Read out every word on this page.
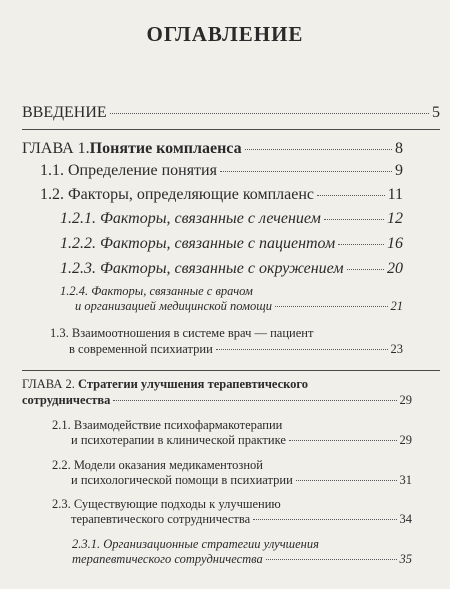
ОГЛАВЛЕНИЕ
ВВЕДЕНИЕ	5
ГЛАВА 1. Понятие комплаенса	8
1.1. Определение понятия	9
1.2. Факторы, определяющие комплаенс	11
1.2.1. Факторы, связанные с лечением	12
1.2.2. Факторы, связанные с пациентом	16
1.2.3. Факторы, связанные с окружением	20
1.2.4. Факторы, связанные с врачом
и организацией медицинской помощи	21
1.3. Взаимоотношения в системе врач — пациент
в современной психиатрии	23
ГЛАВА 2. Стратегии улучшения терапевтического
сотрудничества	29
2.1. Взаимодействие психофармакотерапии
и психотерапии в клинической практике	29
2.2. Модели оказания медикаментозной
и психологической помощи в психиатрии	31
2.3. Существующие подходы к улучшению
терапевтического сотрудничества	34
2.3.1. Организационные стратегии улучшения
терапевтического сотрудничества	35
